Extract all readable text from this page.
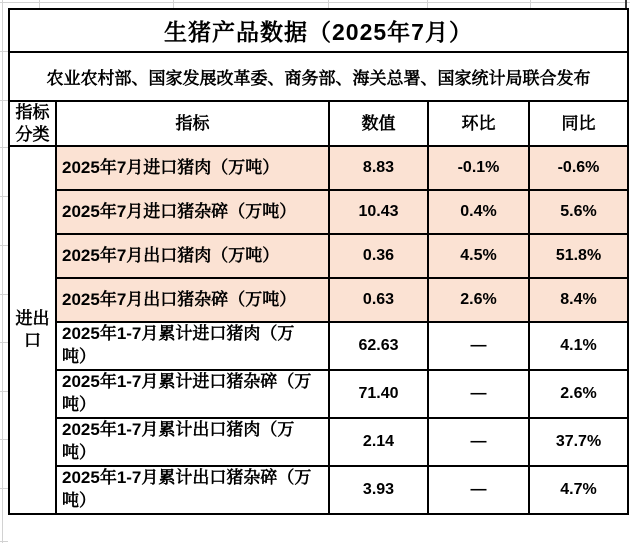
生猪产品数据（2025年7月）				
农业农村部、国家发展改革委、商务部、海关总署、国家统计局联合发布				
指标分类	指标	数值	环比	同比
进出口	2025年7月进口猪肉（万吨）	8.83	-0.1%	-0.6%
	2025年7月进口猪杂碎（万吨）	10.43	0.4%	5.6%
	2025年7月出口猪肉（万吨）	0.36	4.5%	51.8%
	2025年7月出口猪杂碎（万吨）	0.63	2.6%	8.4%
	2025年1-7月累计进口猪肉（万吨）	62.63	—	4.1%
	2025年1-7月累计进口猪杂碎（万吨）	71.40	—	2.6%
	2025年1-7月累计出口猪肉（万吨）	2.14	—	37.7%
	2025年1-7月累计出口猪杂碎（万吨）	3.93	—	4.7%
